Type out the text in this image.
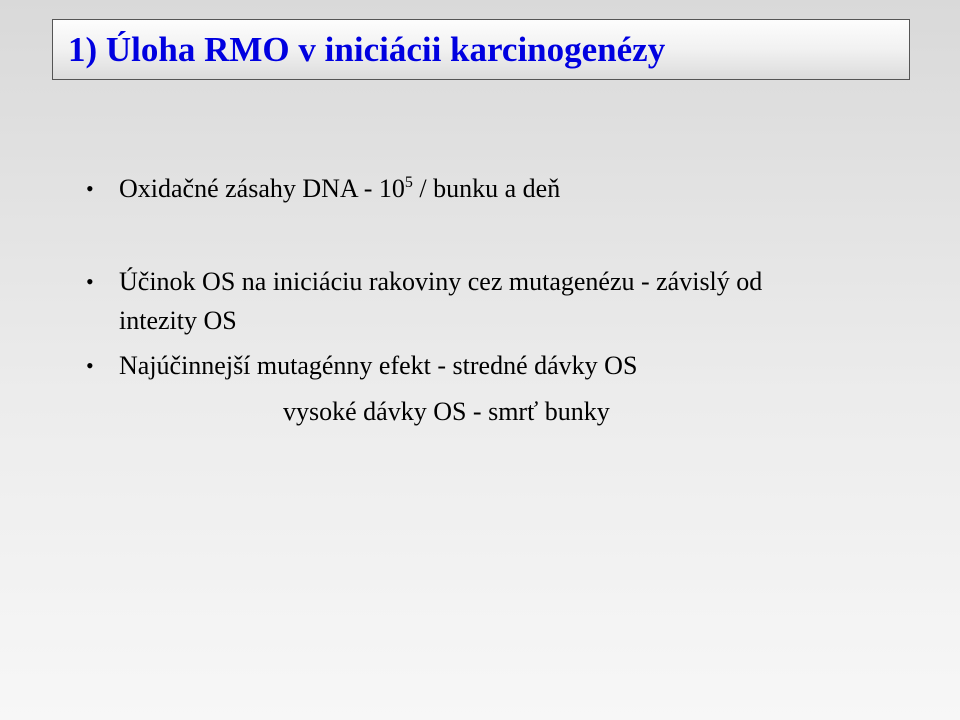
1) Úloha RMO v iniciácii karcinogenézy
• Oxidačné zásahy DNA - $10^5$ / bunku a deň
• Účinok OS na iniciáciu rakoviny cez mutagenézu - závislý od
intezity OS
• Najúčinnejší mutagénny efekt - stredné dávky OS
vysoké dávky OS - smrť bunky
